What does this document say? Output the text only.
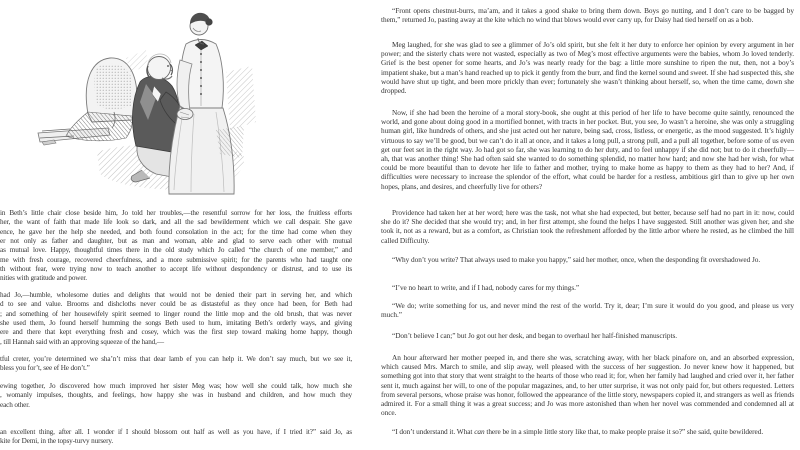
in Beth’s little chair close beside him, Jo told her troubles,—the resentful sorrow for her loss, the fruitless efforts
her, the want of faith that made life look so dark, and all the sad bewilderment which we call despair. She gave
ence, he gave her the help she needed, and both found consolation in the act; for the time had come when they
er not only as father and daughter, but as man and woman, able and glad to serve each other with mutual
as mutual love. Happy, thoughtful times there in the old study which Jo called “the church of one member,” and
me with fresh courage, recovered cheerfulness, and a more submissive spirit; for the parents who had taught one
th without fear, were trying now to teach another to accept life without despondency or distrust, and to use its
nities with gratitude and power.
had Jo,—humble, wholesome duties and delights that would not be denied their part in serving her, and which
d to see and value. Brooms and dishcloths never could be as distasteful as they once had been, for Beth had
; and something of her housewifely spirit seemed to linger round the little mop and the old brush, that was never
she used them, Jo found herself humming the songs Beth used to hum, imitating Beth’s orderly ways, and giving
ere and there that kept everything fresh and cosey, which was the first step toward making home happy, though
, till Hannah said with an approving squeeze of the hand,—
tful creter, you’re determined we sha’n’t miss that dear lamb ef you can help it. We don’t say much, but we see it,
bless you for’t, see ef He don’t.”
ewing together, Jo discovered how much improved her sister Meg was; how well she could talk, how much she
, womanly impulses, thoughts, and feelings, how happy she was in husband and children, and how much they
each other.
an excellent thing, after all. I wonder if I should blossom out half as well as you have, if I tried it?” said Jo, as
kite for Demi, in the topsy-turvy nursery.
“Front opens chestnut-burrs, ma’am, and it takes a good shake to bring them down. Boys go nutting, and I don’t care to be bagged by them,” returned Jo, pasting away at the kite which no wind that blows would ever carry up, for Daisy had tied herself on as a bob.
Meg laughed, for she was glad to see a glimmer of Jo’s old spirit, but she felt it her duty to enforce her opinion by every argument in her power; and the sisterly chats were not wasted, especially as two of Meg’s most effective arguments were the babies, whom Jo loved tenderly. Grief is the best opener for some hearts, and Jo’s was nearly ready for the bag: a little more sunshine to ripen the nut, then, not a boy’s impatient shake, but a man’s hand reached up to pick it gently from the burr, and find the kernel sound and sweet. If she had suspected this, she would have shut up tight, and been more prickly than ever; fortunately she wasn’t thinking about herself, so, when the time came, down she dropped.
Now, if she had been the heroine of a moral story-book, she ought at this period of her life to have become quite saintly, renounced the world, and gone about doing good in a mortified bonnet, with tracts in her pocket. But, you see, Jo wasn’t a heroine, she was only a struggling human girl, like hundreds of others, and she just acted out her nature, being sad, cross, listless, or energetic, as the mood suggested. It’s highly virtuous to say we’ll be good, but we can’t do it all at once, and it takes a long pull, a strong pull, and a pull all together, before some of us even get our feet set in the right way. Jo had got so far, she was learning to do her duty, and to feel unhappy if she did not; but to do it cheerfully—ah, that was another thing! She had often said she wanted to do something splendid, no matter how hard; and now she had her wish, for what could be more beautiful than to devote her life to father and mother, trying to make home as happy to them as they had to her? And, if difficulties were necessary to increase the splendor of the effort, what could be harder for a restless, ambitious girl than to give up her own hopes, plans, and desires, and cheerfully live for others?
Providence had taken her at her word; here was the task, not what she had expected, but better, because self had no part in it: now, could she do it? She decided that she would try; and, in her first attempt, she found the helps I have suggested. Still another was given her, and she took it, not as a reward, but as a comfort, as Christian took the refreshment afforded by the little arbor where he rested, as he climbed the hill called Difficulty.
“Why don’t you write? That always used to make you happy,” said her mother, once, when the desponding fit overshadowed Jo.
“I’ve no heart to write, and if I had, nobody cares for my things.”
“We do; write something for us, and never mind the rest of the world. Try it, dear; I’m sure it would do you good, and please us very much.”
“Don’t believe I can;” but Jo got out her desk, and began to overhaul her half-finished manuscripts.
An hour afterward her mother peeped in, and there she was, scratching away, with her black pinafore on, and an absorbed expression, which caused Mrs. March to smile, and slip away, well pleased with the success of her suggestion. Jo never knew how it happened, but something got into that story that went straight to the hearts of those who read it; for, when her family had laughed and cried over it, her father sent it, much against her will, to one of the popular magazines, and, to her utter surprise, it was not only paid for, but others requested. Letters from several persons, whose praise was honor, followed the appearance of the little story, newspapers copied it, and strangers as well as friends admired it. For a small thing it was a great success; and Jo was more astonished than when her novel was commended and condemned all at once.
“I don’t understand it. What can there be in a simple little story like that, to make people praise it so?” she said, quite bewildered.
